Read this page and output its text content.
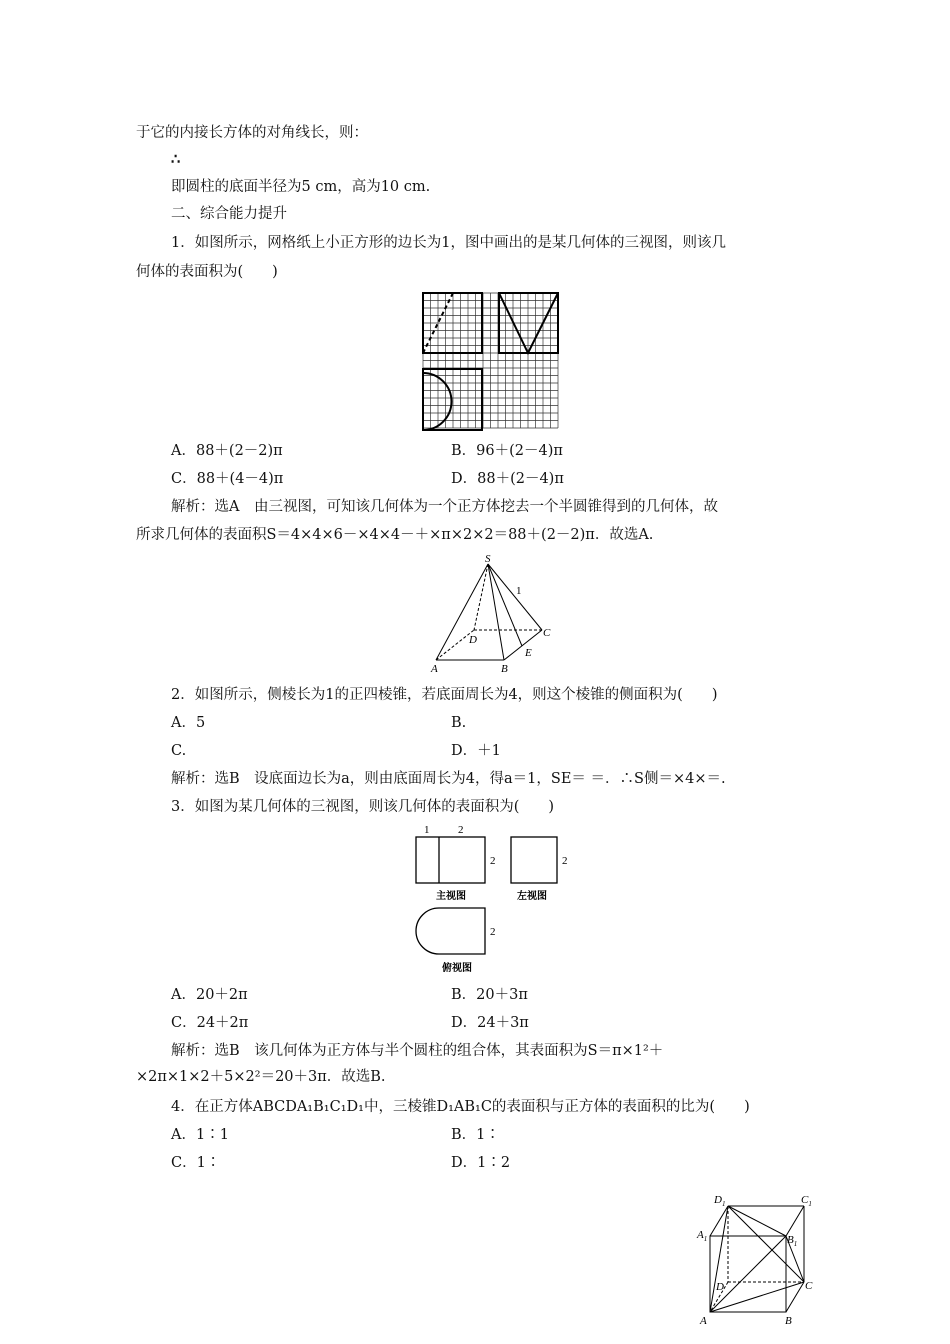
于它的内接长方体的对角线长，则：
∴
即圆柱的底面半径为5 cm，高为10 cm.
二、综合能力提升
1．如图所示，网格纸上小正方形的边长为1，图中画出的是某几何体的三视图，则该几
何体的表面积为(　　)
A．88＋(2－2)π	B．96＋(2－4)π
C．88＋(4－4)π	D．88＋(2－4)π
解析：选A　由三视图，可知该几何体为一个正方体挖去一个半圆锥得到的几何体，故
所求几何体的表面积S＝4×4×6－×4×4－＋×π×2×2＝88＋(2－2)π．故选A.
S
1
C
D
E
A	B
2．如图所示，侧棱长为1的正四棱锥，若底面周长为4，则这个棱锥的侧面积为(　　)
A．5	B.
C.	D．＋1
解析：选B　设底面边长为a，则由底面周长为4，得a＝1，SE＝ ＝．∴S侧＝×4×＝.
3．如图为某几何体的三视图，则该几何体的表面积为(　　)
1	2
2	2
2
主视图	左视图
俯视图
A．20＋2π	B．20＋3π
C．24＋2π	D．24＋3π
解析：选B　该几何体为正方体与半个圆柱的组合体，其表面积为S＝π×1²＋
×2π×1×2＋5×2²＝20＋3π．故选B.
4．在正方体ABCDA₁B₁C₁D₁中，三棱锥D₁AB₁C的表面积与正方体的表面积的比为(　　)
A．1∶1	B．1∶
C．1∶	D．1∶2
$D_1$	$C_1$
$A_1$	$B_1$
D	C
A	B
